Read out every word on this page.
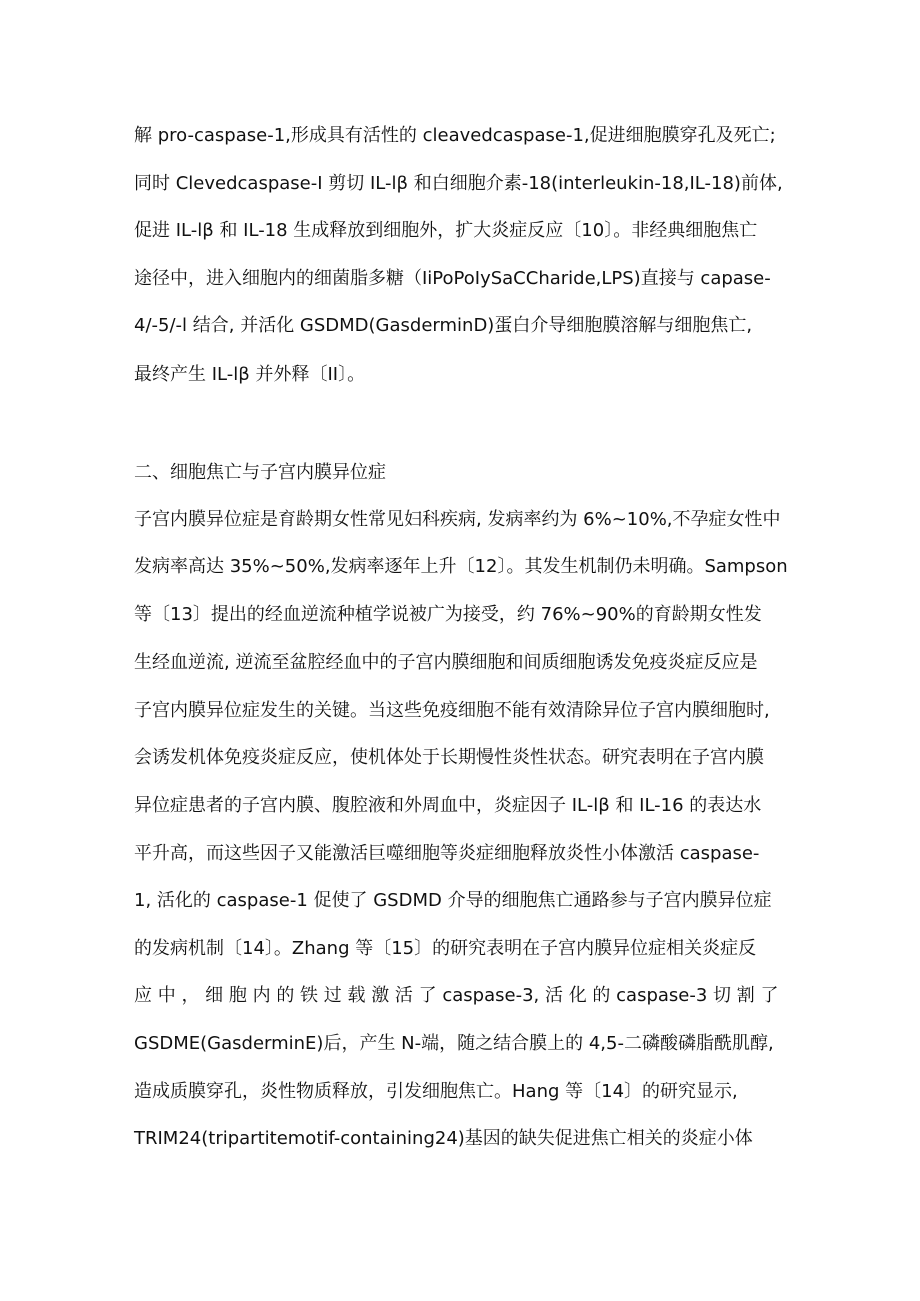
解 pro-caspase-1,形成具有活性的 cleavedcaspase-1,促进细胞膜穿孔及死亡;
同时 Clevedcaspase-I 剪切 IL-lβ 和白细胞介素-18(interleukin-18,IL-18)前体,
促进 IL-lβ 和 IL-18 生成释放到细胞外，扩大炎症反应〔10〕。非经典细胞焦亡
途径中，进入细胞内的细菌脂多糖（IiPoPoIySaCCharide,LPS)直接与 capase-
4/-5/-l 结合, 并活化 GSDMD(GasderminD)蛋白介导细胞膜溶解与细胞焦亡,
最终产生 IL-lβ 并外释〔II〕。
二、细胞焦亡与子宫内膜异位症
子宫内膜异位症是育龄期女性常见妇科疾病, 发病率约为 6%~10%,不孕症女性中
发病率高达 35%~50%,发病率逐年上升〔12〕。其发生机制仍未明确。Sampson
等〔13〕提出的经血逆流种植学说被广为接受，约 76%~90%的育龄期女性发
生经血逆流, 逆流至盆腔经血中的子宫内膜细胞和间质细胞诱发免疫炎症反应是
子宫内膜异位症发生的关键。当这些免疫细胞不能有效清除异位子宫内膜细胞时,
会诱发机体免疫炎症反应，使机体处于长期慢性炎性状态。研究表明在子宫内膜
异位症患者的子宫内膜、腹腔液和外周血中，炎症因子 IL-lβ 和 IL-16 的表达水
平升高，而这些因子又能激活巨噬细胞等炎症细胞释放炎性小体激活 caspase-
1, 活化的 caspase-1 促使了 GSDMD 介导的细胞焦亡通路参与子宫内膜异位症
的发病机制〔14〕。Zhang 等〔15〕的研究表明在子宫内膜异位症相关炎症反
应 中 ， 细 胞 内 的 铁 过 载 激 活 了 caspase-3, 活 化 的 caspase-3 切 割 了
GSDME(GasderminE)后，产生 N-端，随之结合膜上的 4,5-二磷酸磷脂酰肌醇,
造成质膜穿孔，炎性物质释放，引发细胞焦亡。Hang 等〔14〕的研究显示,
TRIM24(tripartitemotif-containing24)基因的缺失促进焦亡相关的炎症小体
